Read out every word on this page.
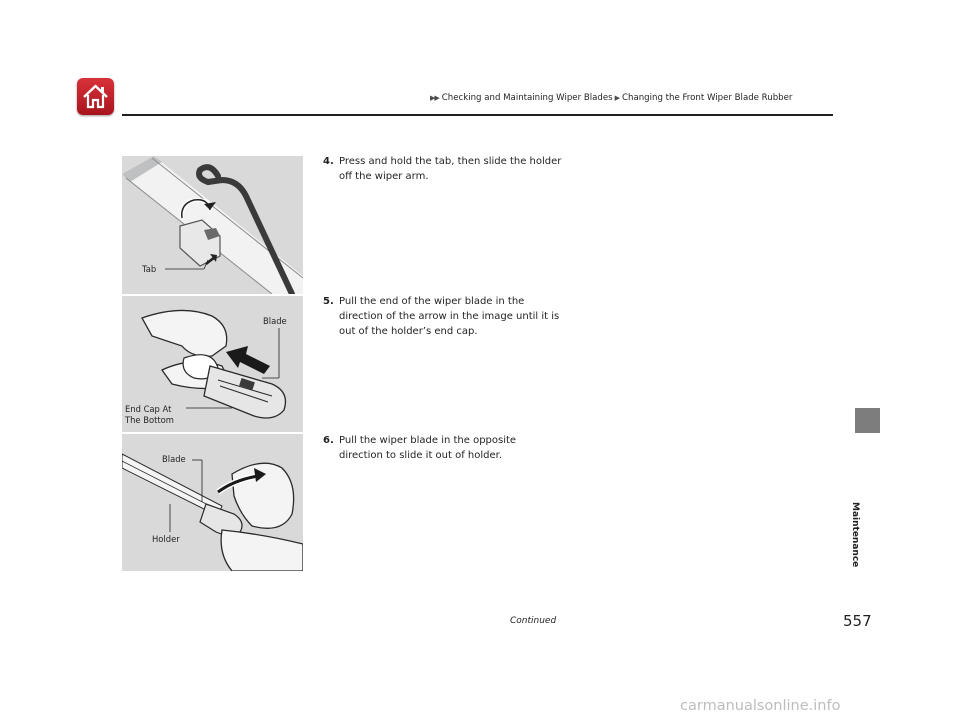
▶▶ Checking and Maintaining Wiper Blades ▶ Changing the Front Wiper Blade Rubber
Tab
Blade
End Cap At
The Bottom
Blade
Holder
4. Press and hold the tab, then slide the holder off the wiper arm.
5. Pull the end of the wiper blade in the direction of the arrow in the image until it is out of the holder’s end cap.
6. Pull the wiper blade in the opposite direction to slide it out of holder.
Maintenance
Continued	557
carmanualsonline.info
